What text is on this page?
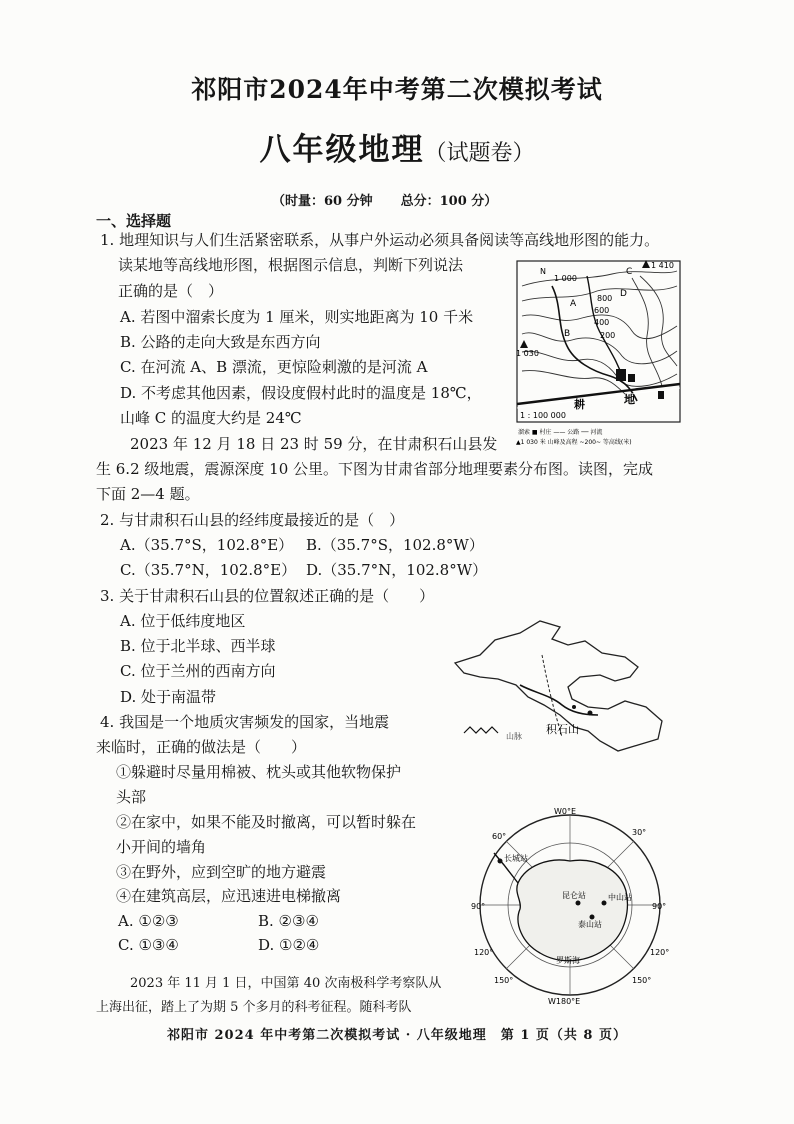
祁阳市2024年中考第二次模拟考试
八年级地理（试题卷）
（时量：60 分钟 总分：100 分）
一、选择题
1. 地理知识与人们生活紧密联系，从事户外运动必须具备阅读等高线地形图的能力。
读某地等高线地形图，根据图示信息，判断下列说法
正确的是（　）
A. 若图中溜索长度为 1 厘米，则实地距离为 10 千米
B. 公路的走向大致是东西方向
C. 在河流 A、B 漂流，更惊险刺激的是河流 A
D. 不考虑其他因素，假设度假村此时的温度是 18℃，
山峰 C 的温度大约是 24℃
1 410
N
1 000
800
600
400
200
1 030
A
B
C
D
耕	地
1 : 100 000
溜索 ■ 村庄 —— 公路 ── 河流
▲1 030 米 山峰及高程 ~200~ 等高线(米)
2023 年 12 月 18 日 23 时 59 分，在甘肃积石山县发
生 6.2 级地震，震源深度 10 公里。下图为甘肃省部分地理要素分布图。读图，完成
下面 2—4 题。
2. 与甘肃积石山县的经纬度最接近的是（　）
A.（35.7°S，102.8°E） B.（35.7°S，102.8°W）
C.（35.7°N，102.8°E） D.（35.7°N，102.8°W）
3. 关于甘肃积石山县的位置叙述正确的是（　　）
A. 位于低纬度地区
B. 位于北半球、西半球
C. 位于兰州的西南方向
D. 处于南温带
积石山
山脉
4. 我国是一个地质灾害频发的国家，当地震
来临时，正确的做法是（　　）
①躲避时尽量用棉被、枕头或其他软物保护
头部
②在家中，如果不能及时撤离，可以暂时躲在
小开间的墙角
③在野外，应到空旷的地方避震
④在建筑高层，应迅速进电梯撤离
A. ①②③	B. ②③④
C. ①③④	D. ①②④
长城站
昆仑站	中山站
泰山站
罗斯海
W0°E
W180°E
90°	90°
60°	30°
150°	150°
120°
120°
2023 年 11 月 1 日，中国第 40 次南极科学考察队从
上海出征，踏上了为期 5 个多月的科考征程。随科考队
祁阳市 2024 年中考第二次模拟考试 · 八年级地理　第 1 页（共 8 页）
